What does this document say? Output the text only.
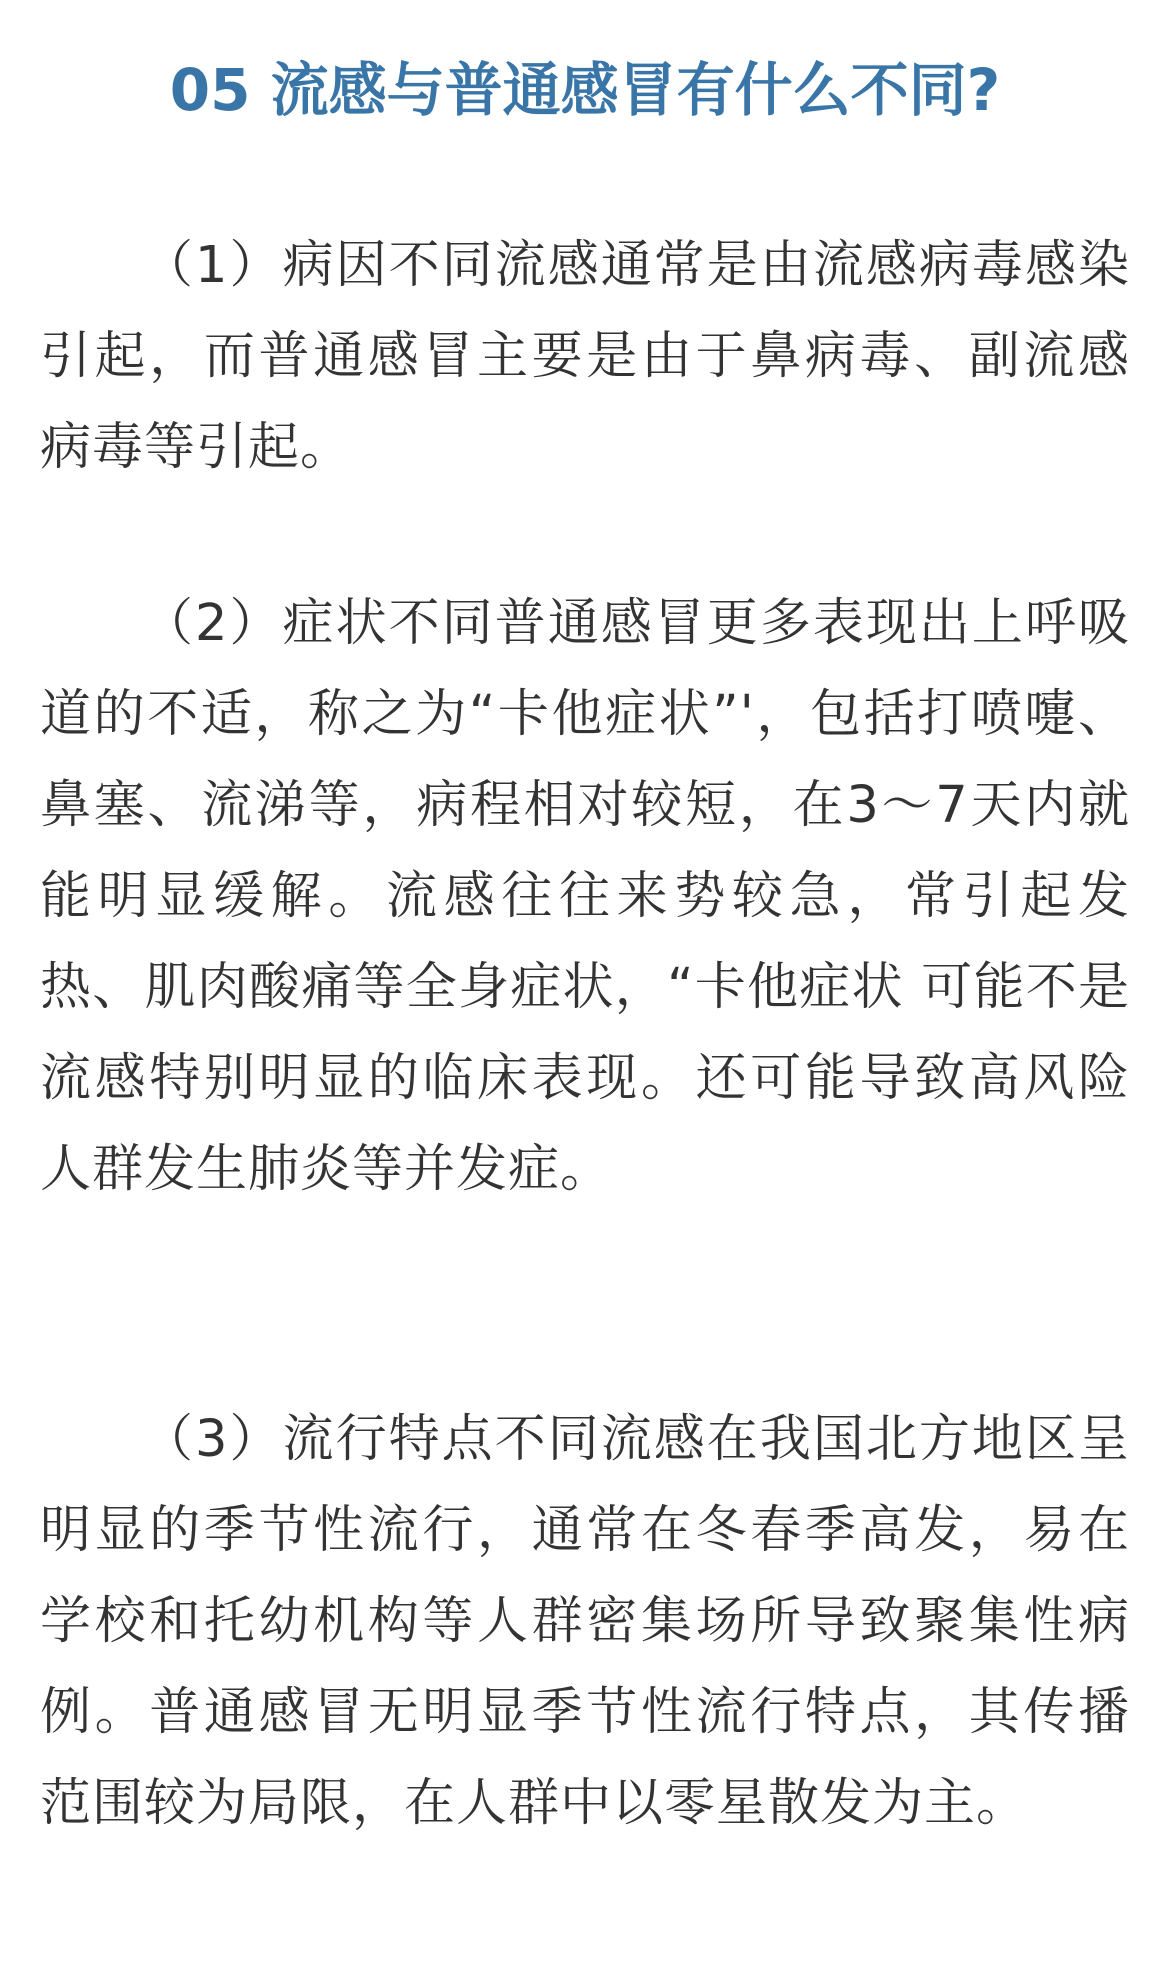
05 流感与普通感冒有什么不同?

（1）病因不同流感通常是由流感病毒感染引起，而普通感冒主要是由于鼻病毒、副流感病毒等引起。

（2）症状不同普通感冒更多表现出上呼吸道的不适，称之为“卡他症状”'，包括打喷嚏、鼻塞、流涕等，病程相对较短，在3～7天内就能明显缓解。流感往往来势较急，常引起发热、肌肉酸痛等全身症状，“卡他症状 可能不是流感特别明显的临床表现。还可能导致高风险人群发生肺炎等并发症。

（3）流行特点不同流感在我国北方地区呈明显的季节性流行，通常在冬春季高发，易在学校和托幼机构等人群密集场所导致聚集性病例。普通感冒无明显季节性流行特点，其传播范围较为局限，在人群中以零星散发为主。
